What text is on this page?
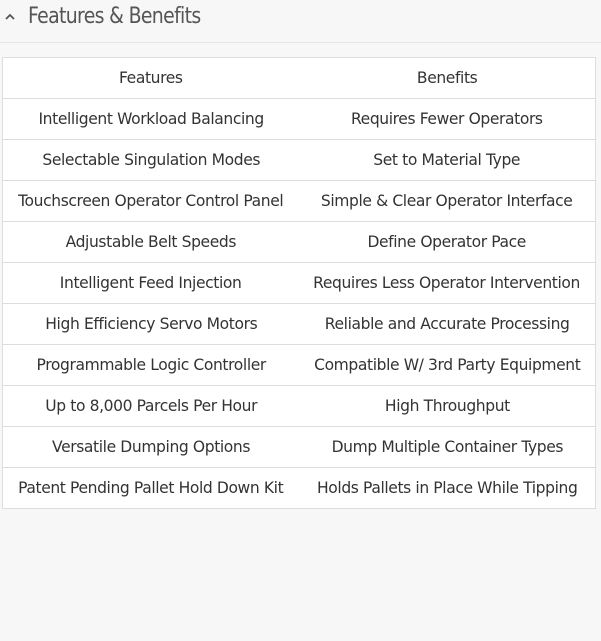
Features & Benefits
Features	Benefits
Intelligent Workload Balancing	Requires Fewer Operators
Selectable Singulation Modes	Set to Material Type
Touchscreen Operator Control Panel	Simple & Clear Operator Interface
Adjustable Belt Speeds	Define Operator Pace
Intelligent Feed Injection	Requires Less Operator Intervention
High Efficiency Servo Motors	Reliable and Accurate Processing
Programmable Logic Controller	Compatible W/ 3rd Party Equipment
Up to 8,000 Parcels Per Hour	High Throughput
Versatile Dumping Options	Dump Multiple Container Types
Patent Pending Pallet Hold Down Kit	Holds Pallets in Place While Tipping
